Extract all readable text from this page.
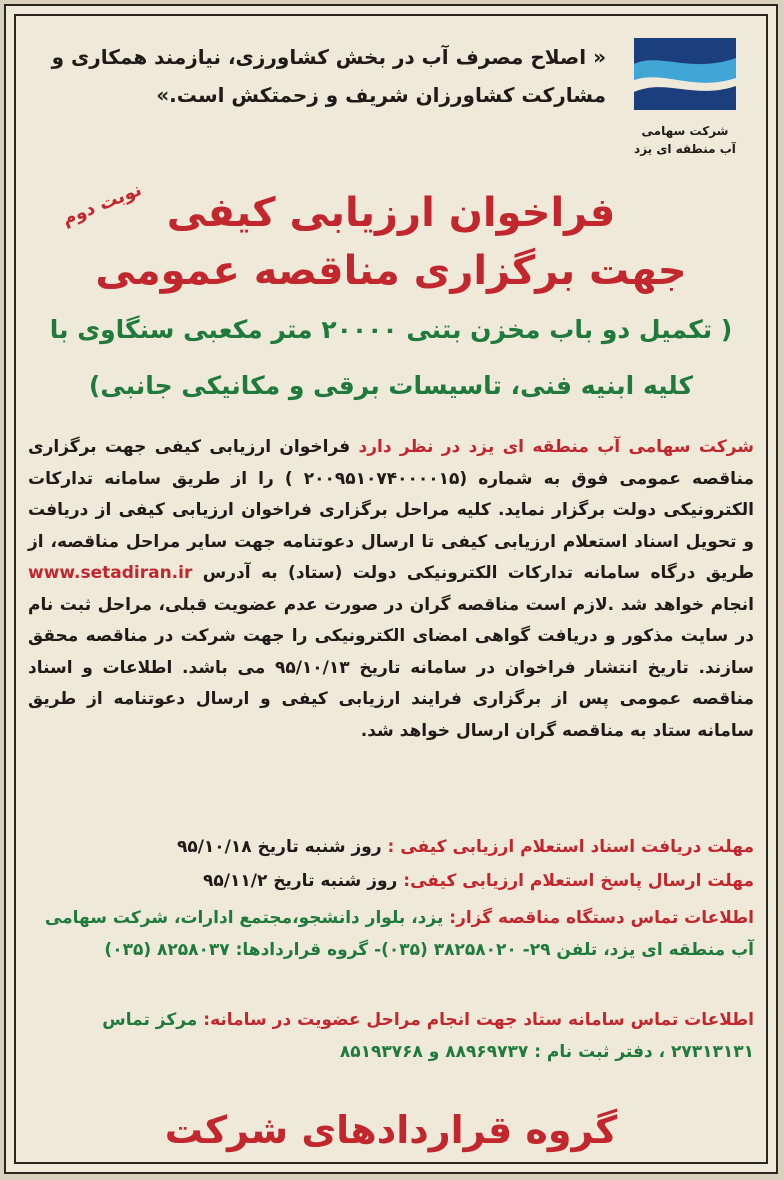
شرکت سهامی
آب منطقه ای یزد
« اصلاح مصرف آب در بخش کشاورزی، نیازمند همکاری و مشارکت کشاورزان شریف و زحمتکش است.»
نوبت دوم فراخوان ارزیابی کیفی
جهت برگزاری مناقصه عمومی
( تکمیل دو باب مخزن بتنی ۲۰۰۰۰ متر مکعبی سنگاوی با
کلیه ابنیه فنی، تاسیسات برقی و مکانیکی جانبی)
شرکت سهامی آب منطقه ای یزد در نظر دارد فراخوان ارزیابی کیفی جهت برگزاری مناقصه عمومی فوق به شماره (۲۰۰۹۵۱۰۷۴۰۰۰۰۱۵ ) را از طریق سامانه تدارکات الکترونیکی دولت برگزار نماید. کلیه مراحل برگزاری فراخوان ارزیابی کیفی از دریافت و تحویل اسناد استعلام ارزیابی کیفی تا ارسال دعوتنامه جهت سایر مراحل مناقصه، از طریق درگاه سامانه تدارکات الکترونیکی دولت (ستاد) به آدرس www.setadiran.ir انجام خواهد شد .لازم است مناقصه گران در صورت عدم عضویت قبلی، مراحل ثبت نام در سایت مذکور و دریافت گواهی امضای الکترونیکی را جهت شرکت در مناقصه محقق سازند. تاریخ انتشار فراخوان در سامانه تاریخ ۹۵/۱۰/۱۳ می باشد. اطلاعات و اسناد مناقصه عمومی پس از برگزاری فرایند ارزیابی کیفی و ارسال دعوتنامه از طریق سامانه ستاد به مناقصه گران ارسال خواهد شد.
مهلت دریافت اسناد استعلام ارزیابی کیفی : روز شنبه تاریخ ۹۵/۱۰/۱۸
مهلت ارسال پاسخ استعلام ارزیابی کیفی: روز شنبه تاریخ ۹۵/۱۱/۲
اطلاعات تماس دستگاه مناقصه گزار: یزد، بلوار دانشجو،مجتمع ادارات، شرکت سهامی آب منطقه ای یزد، تلفن ۲۹- ۳۸۲۵۸۰۲۰ (۰۳۵)- گروه قراردادها: ۸۲۵۸۰۳۷ (۰۳۵)
اطلاعات تماس سامانه ستاد جهت انجام مراحل عضویت در سامانه: مرکز تماس ۲۷۳۱۳۱۳۱ ، دفتر ثبت نام : ۸۸۹۶۹۷۳۷ و ۸۵۱۹۳۷۶۸
گروه قراردادهای شرکت
